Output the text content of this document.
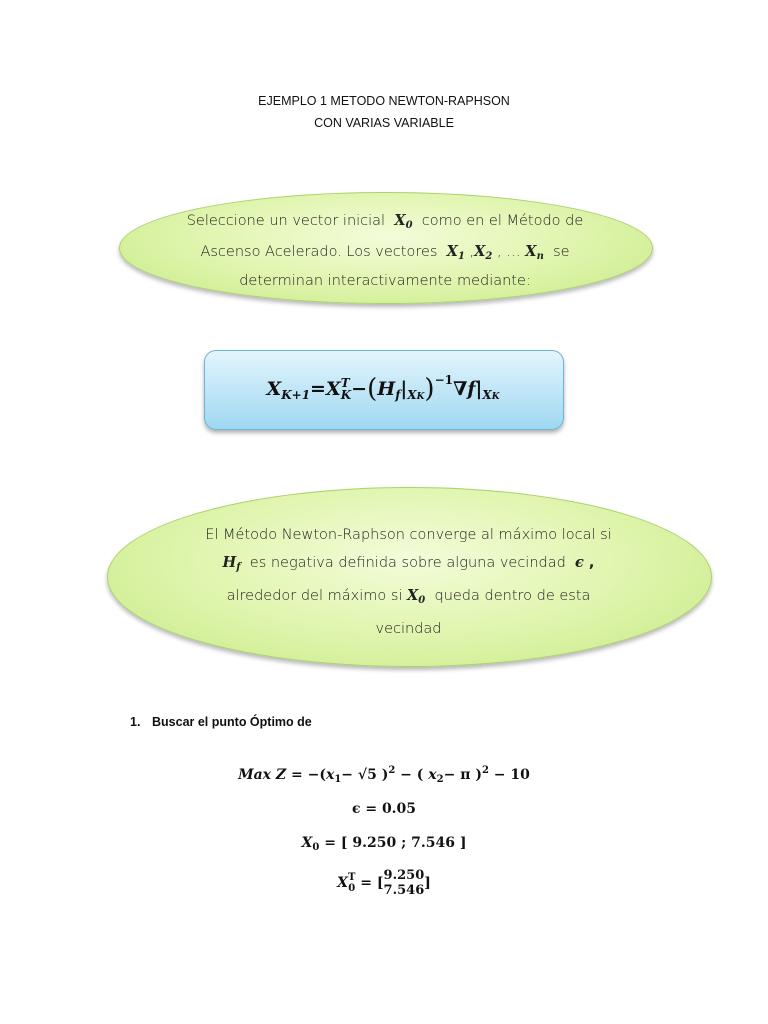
EJEMPLO 1 METODO NEWTON-RAPHSON
CON VARIAS VARIABLE
Seleccione un vector inicial $X_0$ como en el Método de
Ascenso Acelerado. Los vectores $X_1$ $,X_2$ , … $X_n$ se
determinan interactivamente mediante:
X K+1 = X T
K − ( H f | XK ) −1 ∇f | XK
El Método Newton-Raphson converge al máximo local si
$H_f$ es negativa definida sobre alguna vecindad ϵ ,
alrededor del máximo si $X_0$ queda dentro de esta
vecindad
1. Buscar el punto Óptimo de
Max $Z = -(x_1- √5$ )$^2$ − ( $x_2- \pi$ )$^2$ − 10
ϵ = 0.05
$X_0$ = [ 9.250 ; 7.546 ]
X T
0 = [9.250
7.546]
